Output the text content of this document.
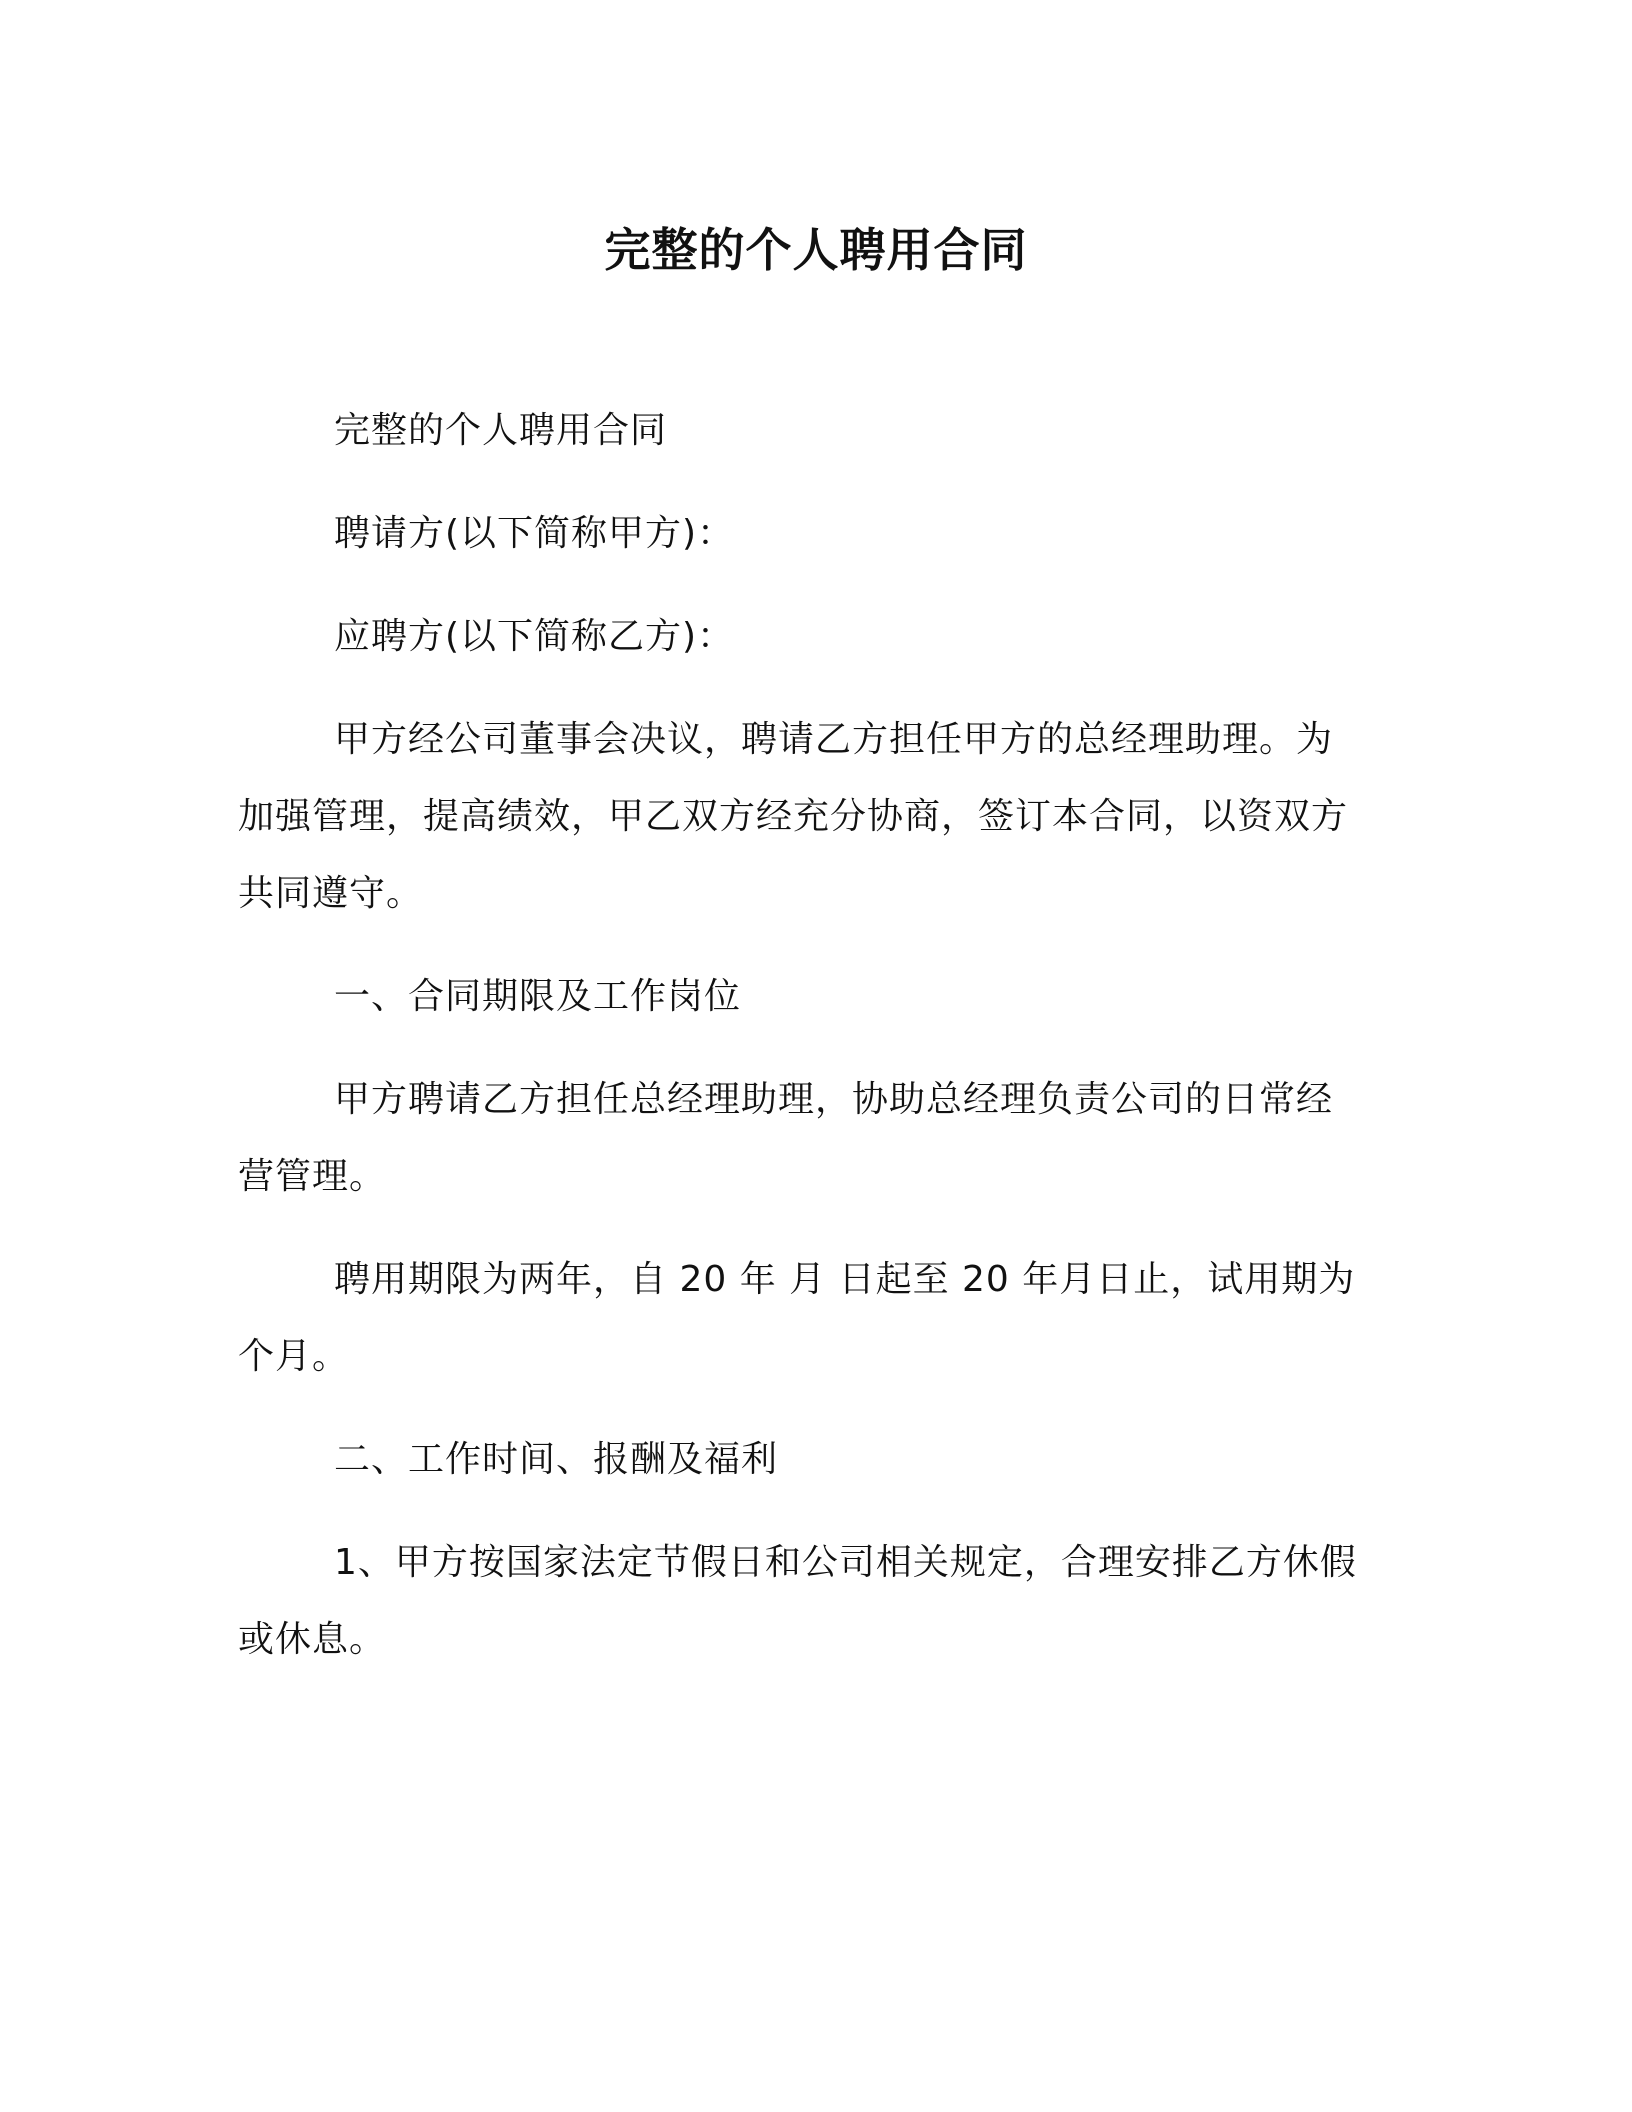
完整的个人聘用合同

完整的个人聘用合同

聘请方(以下简称甲方)：

应聘方(以下简称乙方)：

甲方经公司董事会决议，聘请乙方担任甲方的总经理助理。为加强管理，提高绩效，甲乙双方经充分协商，签订本合同，以资双方共同遵守。

一、合同期限及工作岗位

甲方聘请乙方担任总经理助理，协助总经理负责公司的日常经营管理。

聘用期限为两年，自 20 年 月 日起至 20 年月日止，试用期为个月。

二、工作时间、报酬及福利

1、甲方按国家法定节假日和公司相关规定，合理安排乙方休假或休息。
